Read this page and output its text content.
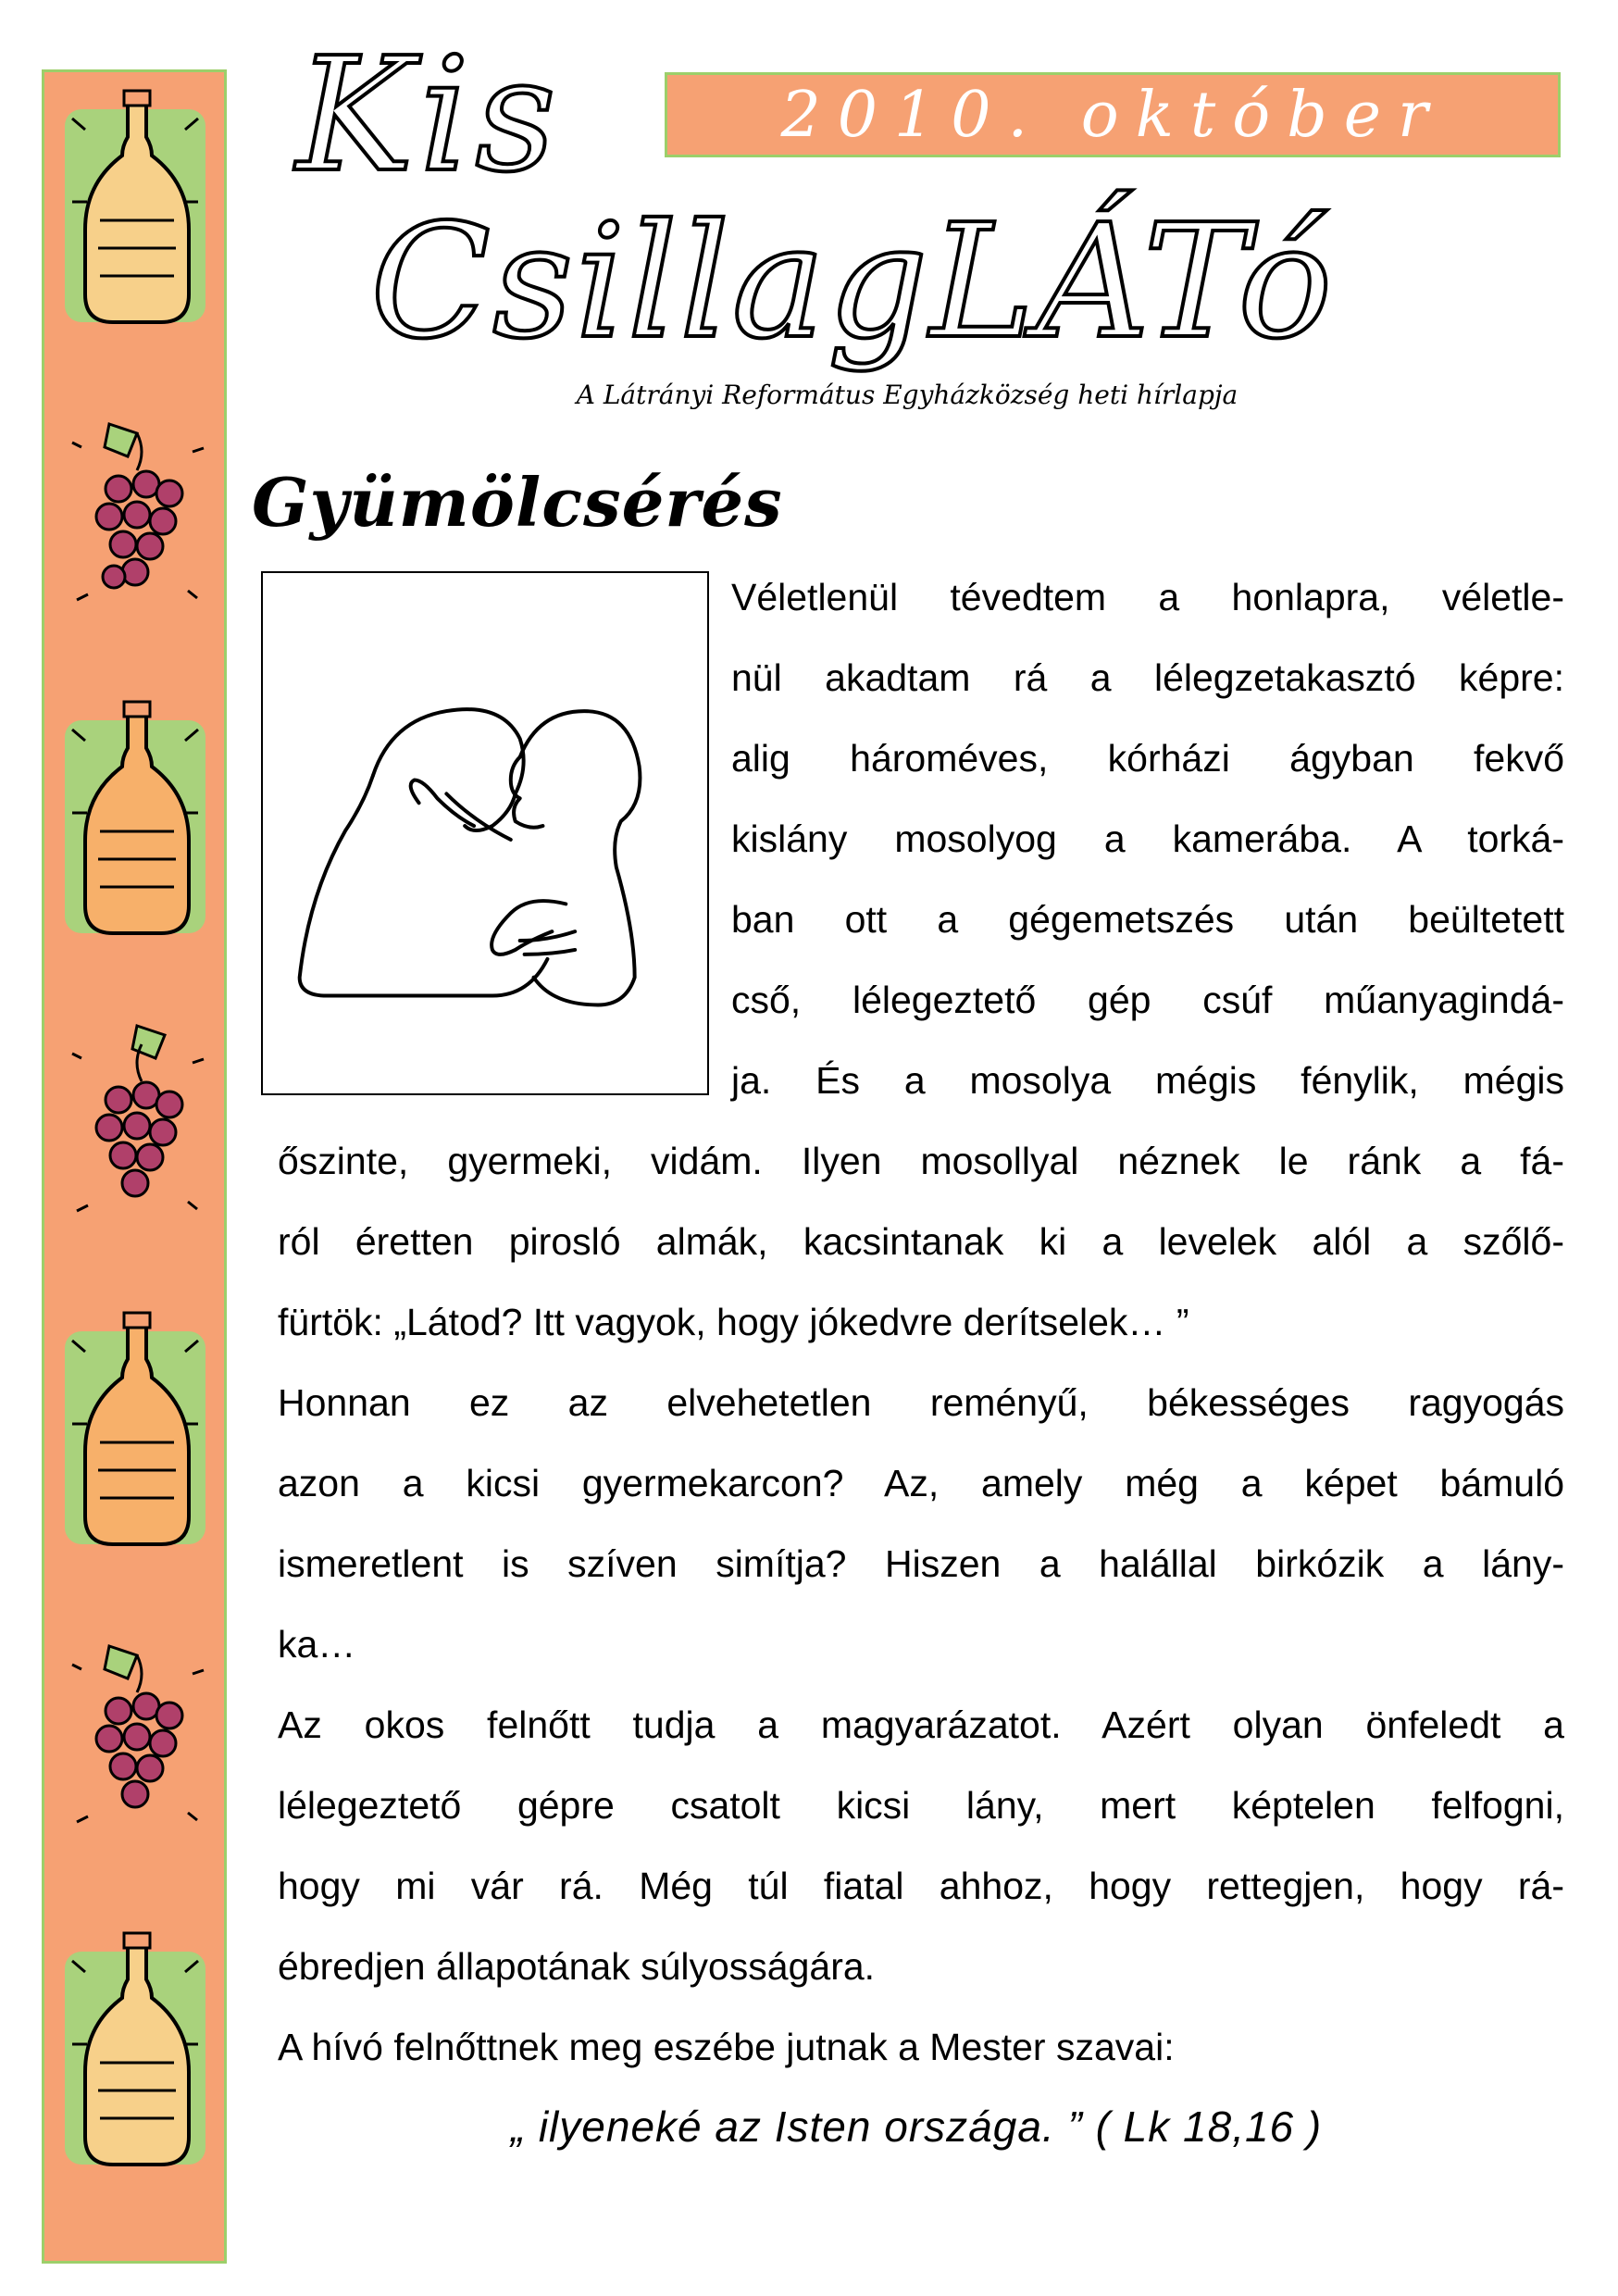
Kis
CsillagLÁTó
2010. október
A Látrányi Református Egyházközség heti hírlapja
Gyümölcsérés
Véletlenül tévedtem a honlapra, véletle-
nül akadtam rá a lélegzetakasztó képre:
alig hároméves, kórházi ágyban fekvő
kislány mosolyog a kamerába. A torká-
ban ott a gégemetszés után beültetett
cső, lélegeztető gép csúf műanyagindá-
ja. És a mosolya mégis fénylik, mégis
őszinte, gyermeki, vidám. Ilyen mosollyal néznek le ránk a fá-
ról éretten pirosló almák, kacsintanak ki a levelek alól a szőlő-
fürtök: „Látod? Itt vagyok, hogy jókedvre derítselek… ”
Honnan ez az elvehetetlen reményű, békességes ragyogás
azon a kicsi gyermekarcon? Az, amely még a képet bámuló
ismeretlent is szíven simítja? Hiszen a halállal birkózik a lány-
ka…
Az okos felnőtt tudja a magyarázatot. Azért olyan önfeledt a
lélegeztető gépre csatolt kicsi lány, mert képtelen felfogni,
hogy mi vár rá. Még túl fiatal ahhoz, hogy rettegjen, hogy rá-
ébredjen állapotának súlyosságára.
A hívó felnőttnek meg eszébe jutnak a Mester szavai:
„ ilyeneké az Isten országa. ” ( Lk 18,16 )
